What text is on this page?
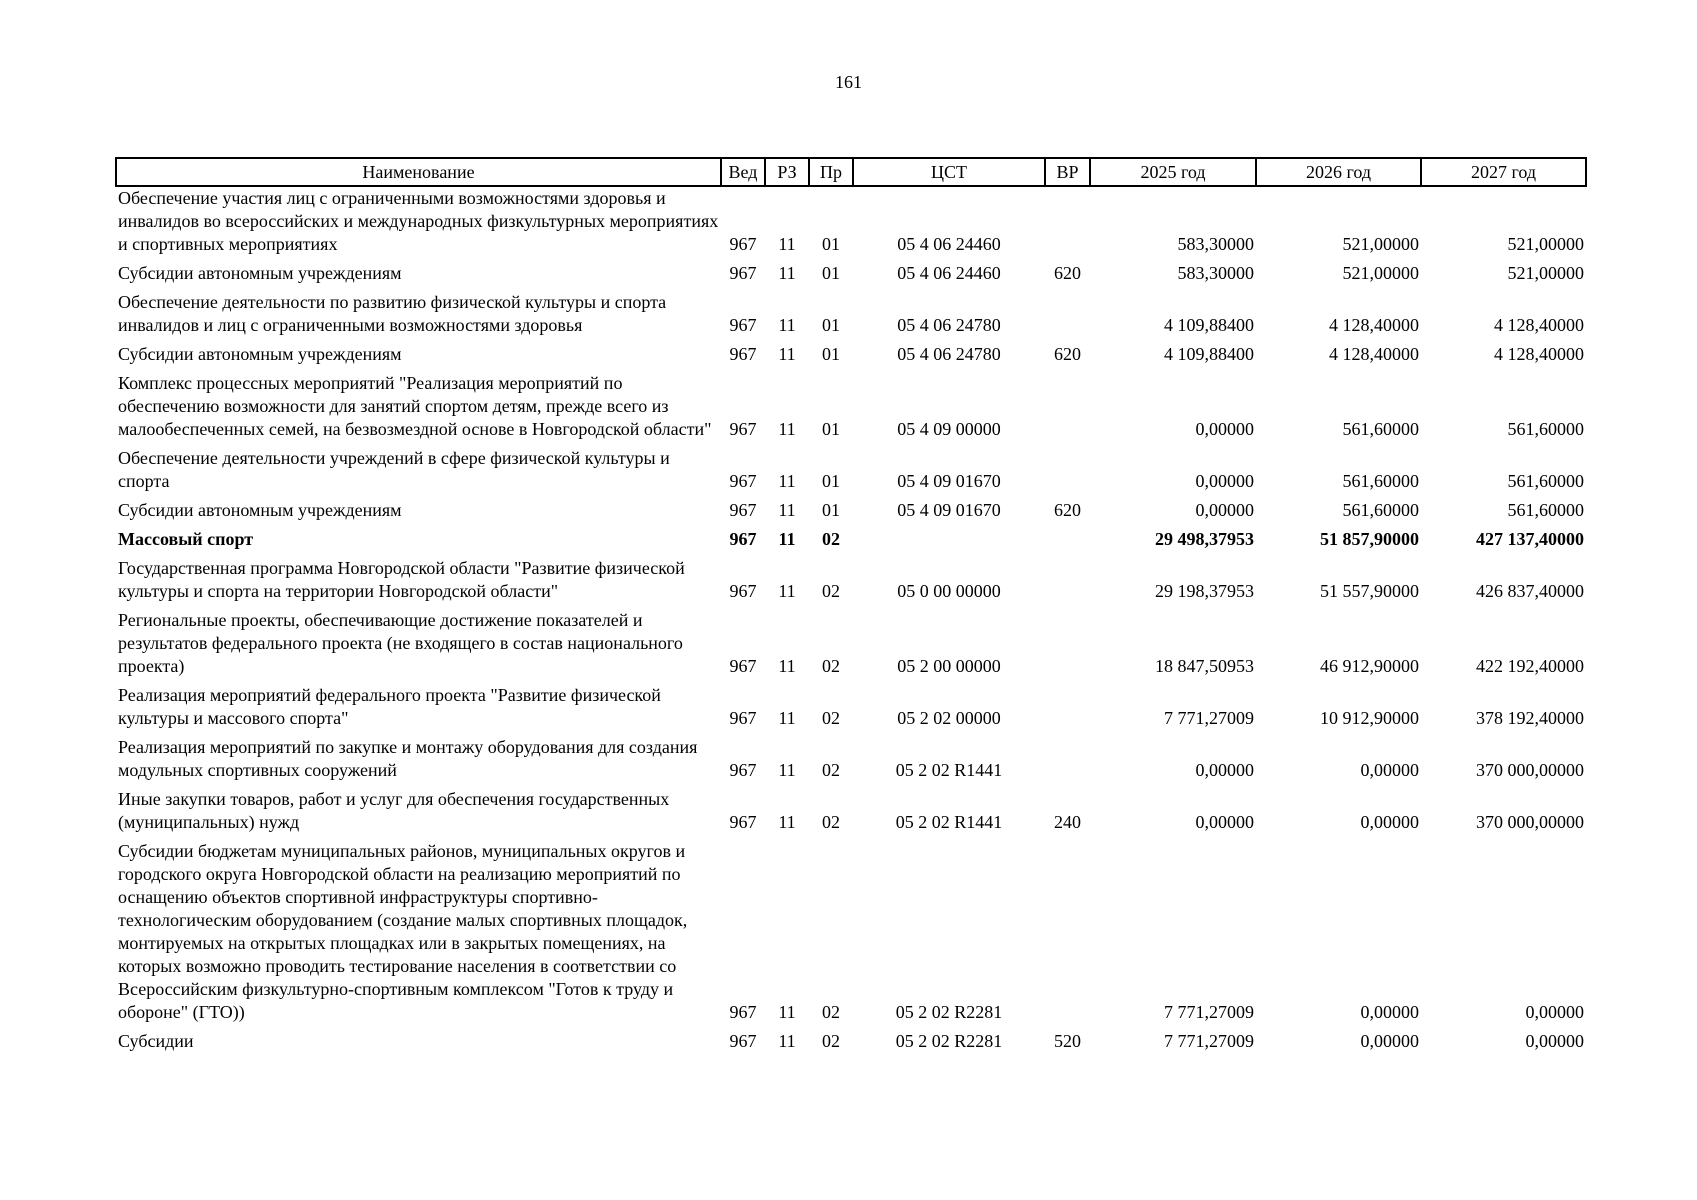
161
Наименование	Вед	РЗ	Пр	ЦСТ	ВР	2025 год	2026 год	2027 год
Обеспечение участия лиц с ограниченными возможностями здоровья и инвалидов во всероссийских и международных физкультурных мероприятиях и спортивных мероприятиях	967	11	01	05 4 06 24460		583,30000	521,00000	521,00000
Субсидии автономным учреждениям	967	11	01	05 4 06 24460	620	583,30000	521,00000	521,00000
Обеспечение деятельности по развитию физической культуры и спорта инвалидов и лиц с ограниченными возможностями здоровья	967	11	01	05 4 06 24780		4 109,88400	4 128,40000	4 128,40000
Субсидии автономным учреждениям	967	11	01	05 4 06 24780	620	4 109,88400	4 128,40000	4 128,40000
Комплекс процессных мероприятий "Реализация мероприятий по обеспечению возможности для занятий спортом детям, прежде всего из малообеспеченных семей, на безвозмездной основе в Новгородской области"	967	11	01	05 4 09 00000		0,00000	561,60000	561,60000
Обеспечение деятельности учреждений в сфере физической культуры и спорта	967	11	01	05 4 09 01670		0,00000	561,60000	561,60000
Субсидии автономным учреждениям	967	11	01	05 4 09 01670	620	0,00000	561,60000	561,60000
Массовый спорт	967	11	02			29 498,37953	51 857,90000	427 137,40000
Государственная программа Новгородской области "Развитие физической культуры и спорта на территории Новгородской области"	967	11	02	05 0 00 00000		29 198,37953	51 557,90000	426 837,40000
Региональные проекты, обеспечивающие достижение показателей и результатов федерального проекта (не входящего в состав национального проекта)	967	11	02	05 2 00 00000		18 847,50953	46 912,90000	422 192,40000
Реализация мероприятий федерального проекта "Развитие физической культуры и массового спорта"	967	11	02	05 2 02 00000		7 771,27009	10 912,90000	378 192,40000
Реализация мероприятий по закупке и монтажу оборудования для создания модульных спортивных сооружений	967	11	02	05 2 02 R1441		0,00000	0,00000	370 000,00000
Иные закупки товаров, работ и услуг для обеспечения государственных (муниципальных) нужд	967	11	02	05 2 02 R1441	240	0,00000	0,00000	370 000,00000
Субсидии бюджетам муниципальных районов, муниципальных округов и городского округа Новгородской области на реализацию мероприятий по оснащению объектов спортивной инфраструктуры спортивно-технологическим оборудованием (создание малых спортивных площадок, монтируемых на открытых площадках или в закрытых помещениях, на которых возможно проводить тестирование населения в соответствии со Всероссийским физкультурно-спортивным комплексом "Готов к труду и обороне" (ГТО))	967	11	02	05 2 02 R2281		7 771,27009	0,00000	0,00000
Субсидии	967	11	02	05 2 02 R2281	520	7 771,27009	0,00000	0,00000
